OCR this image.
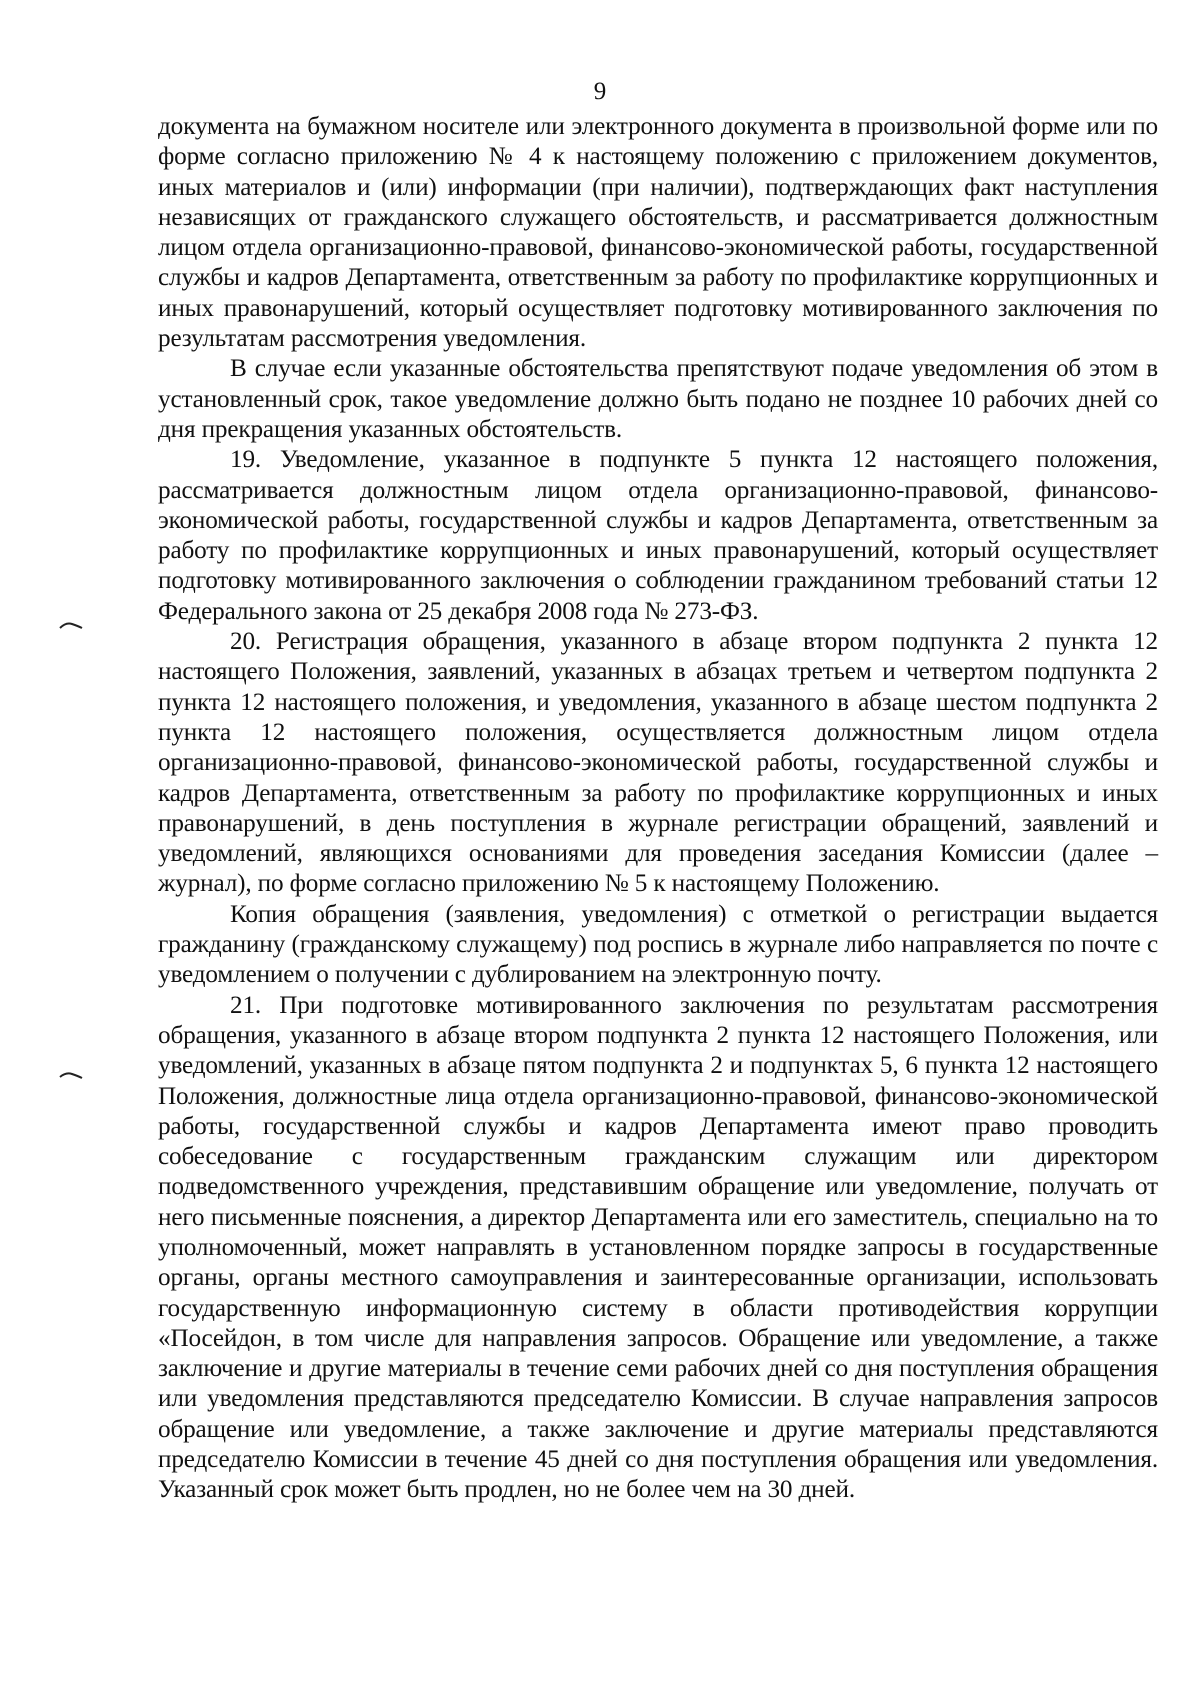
9

документа на бумажном носителе или электронного документа в произвольной форме или по форме согласно приложению № 4 к настоящему положению с приложением документов, иных материалов и (или) информации (при наличии), подтверждающих факт наступления независящих от гражданского служащего обстоятельств, и рассматривается должностным лицом отдела организационно-правовой, финансово-экономической работы, государственной службы и кадров Департамента, ответственным за работу по профилактике коррупционных и иных правонарушений, который осуществляет подготовку мотивированного заключения по результатам рассмотрения уведомления.

В случае если указанные обстоятельства препятствуют подаче уведомления об этом в установленный срок, такое уведомление должно быть подано не позднее 10 рабочих дней со дня прекращения указанных обстоятельств.

19. Уведомление, указанное в подпункте 5 пункта 12 настоящего положения, рассматривается должностным лицом отдела организационно-правовой, финансово-экономической работы, государственной службы и кадров Департамента, ответственным за работу по профилактике коррупционных и иных правонарушений, который осуществляет подготовку мотивированного заключения о соблюдении гражданином требований статьи 12 Федерального закона от 25 декабря 2008 года № 273-ФЗ.

20. Регистрация обращения, указанного в абзаце втором подпункта 2 пункта 12 настоящего Положения, заявлений, указанных в абзацах третьем и четвертом подпункта 2 пункта 12 настоящего положения, и уведомления, указанного в абзаце шестом подпункта 2 пункта 12 настоящего положения, осуществляется должностным лицом отдела организационно-правовой, финансово-экономической работы, государственной службы и кадров Департамента, ответственным за работу по профилактике коррупционных и иных правонарушений, в день поступления в журнале регистрации обращений, заявлений и уведомлений, являющихся основаниями для проведения заседания Комиссии (далее – журнал), по форме согласно приложению № 5 к настоящему Положению.

Копия обращения (заявления, уведомления) с отметкой о регистрации выдается гражданину (гражданскому служащему) под роспись в журнале либо направляется по почте с уведомлением о получении с дублированием на электронную почту.

21. При подготовке мотивированного заключения по результатам рассмотрения обращения, указанного в абзаце втором подпункта 2 пункта 12 настоящего Положения, или уведомлений, указанных в абзаце пятом подпункта 2 и подпунктах 5, 6 пункта 12 настоящего Положения, должностные лица отдела организационно-правовой, финансово-экономической работы, государственной службы и кадров Департамента имеют право проводить собеседование с государственным гражданским служащим или директором подведомственного учреждения, представившим обращение или уведомление, получать от него письменные пояснения, а директор Департамента или его заместитель, специально на то уполномоченный, может направлять в установленном порядке запросы в государственные органы, органы местного самоуправления и заинтересованные организации, использовать государственную информационную систему в области противодействия коррупции «Посейдон, в том числе для направления запросов. Обращение или уведомление, а также заключение и другие материалы в течение семи рабочих дней со дня поступления обращения или уведомления представляются председателю Комиссии. В случае направления запросов обращение или уведомление, а также заключение и другие материалы представляются председателю Комиссии в течение 45 дней со дня поступления обращения или уведомления. Указанный срок может быть продлен, но не более чем на 30 дней.
